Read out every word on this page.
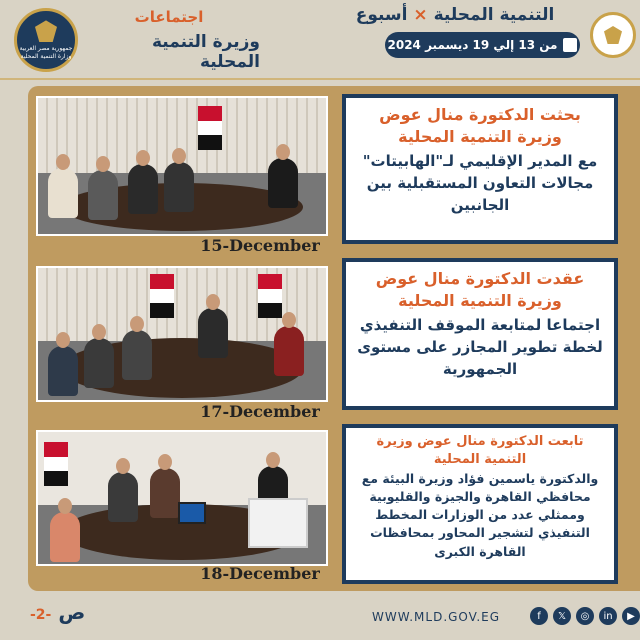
جمهورية مصر العربية وزارة التنمية المحلية
اجتماعات
وزيرة التنمية المحلية
التنمية المحلية × أسبوع
من 13 إلي 19 ديسمبر 2024
15-December
بحثت الدكتورة منال عوض وزيرة التنمية المحلية
مع المدير الإقليمي لـ"الهابيتات" مجالات التعاون المستقبلية بين الجانبين
17-December
عقدت الدكتورة منال عوض وزيرة التنمية المحلية
اجتماعا لمتابعة الموقف التنفيذي لخطة تطوير المجازر على مستوى الجمهورية
18-December
تابعت الدكتورة منال عوض وزيرة التنمية المحلية
والدكتورة ياسمين فؤاد وزيرة البيئة مع محافظي القاهرة والجيزة والقليوبية وممثلي عدد من الوزارات المخطط التنفيذي لتشجير المحاور بمحافظات القاهرة الكبرى
-2- ص	WWW.MLD.GOV.EG	f	𝕏	◎	in	▶
